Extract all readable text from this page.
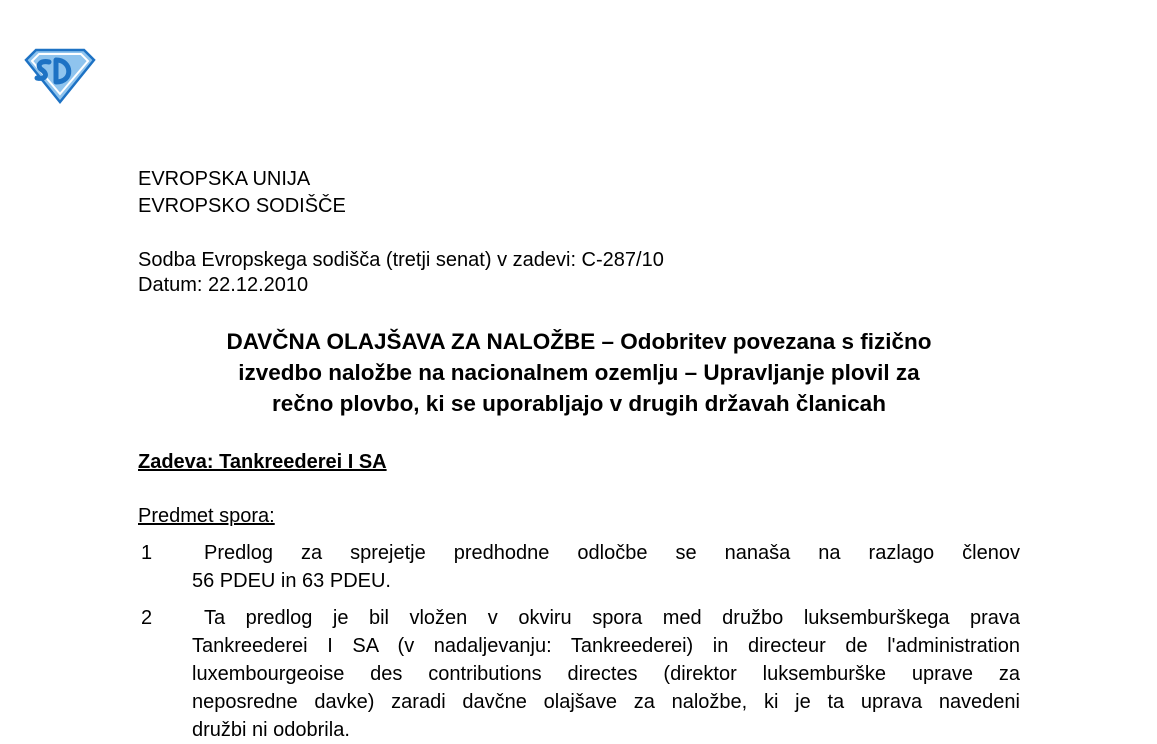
EVROPSKA UNIJA
EVROPSKO SODIŠČE
Sodba Evropskega sodišča (tretji senat) v zadevi: C-287/10
Datum: 22.12.2010
DAVČNA OLAJŠAVA ZA NALOŽBE – Odobritev povezana s fizično
izvedbo naložbe na nacionalnem ozemlju – Upravljanje plovil za
rečno plovbo, ki se uporabljajo v drugih državah članicah
Zadeva: Tankreederei I SA
Predmet spora:
1	Predlog za sprejetje predhodne odločbe se nanaša na razlago členov
56 PDEU in 63 PDEU.
2	Ta predlog je bil vložen v okviru spora med družbo luksemburškega prava
Tankreederei I SA (v nadaljevanju: Tankreederei) in directeur de l'administration
luxembourgeoise des contributions directes (direktor luksemburške uprave za
neposredne davke) zaradi davčne olajšave za naložbe, ki je ta uprava navedeni
družbi ni odobrila.
